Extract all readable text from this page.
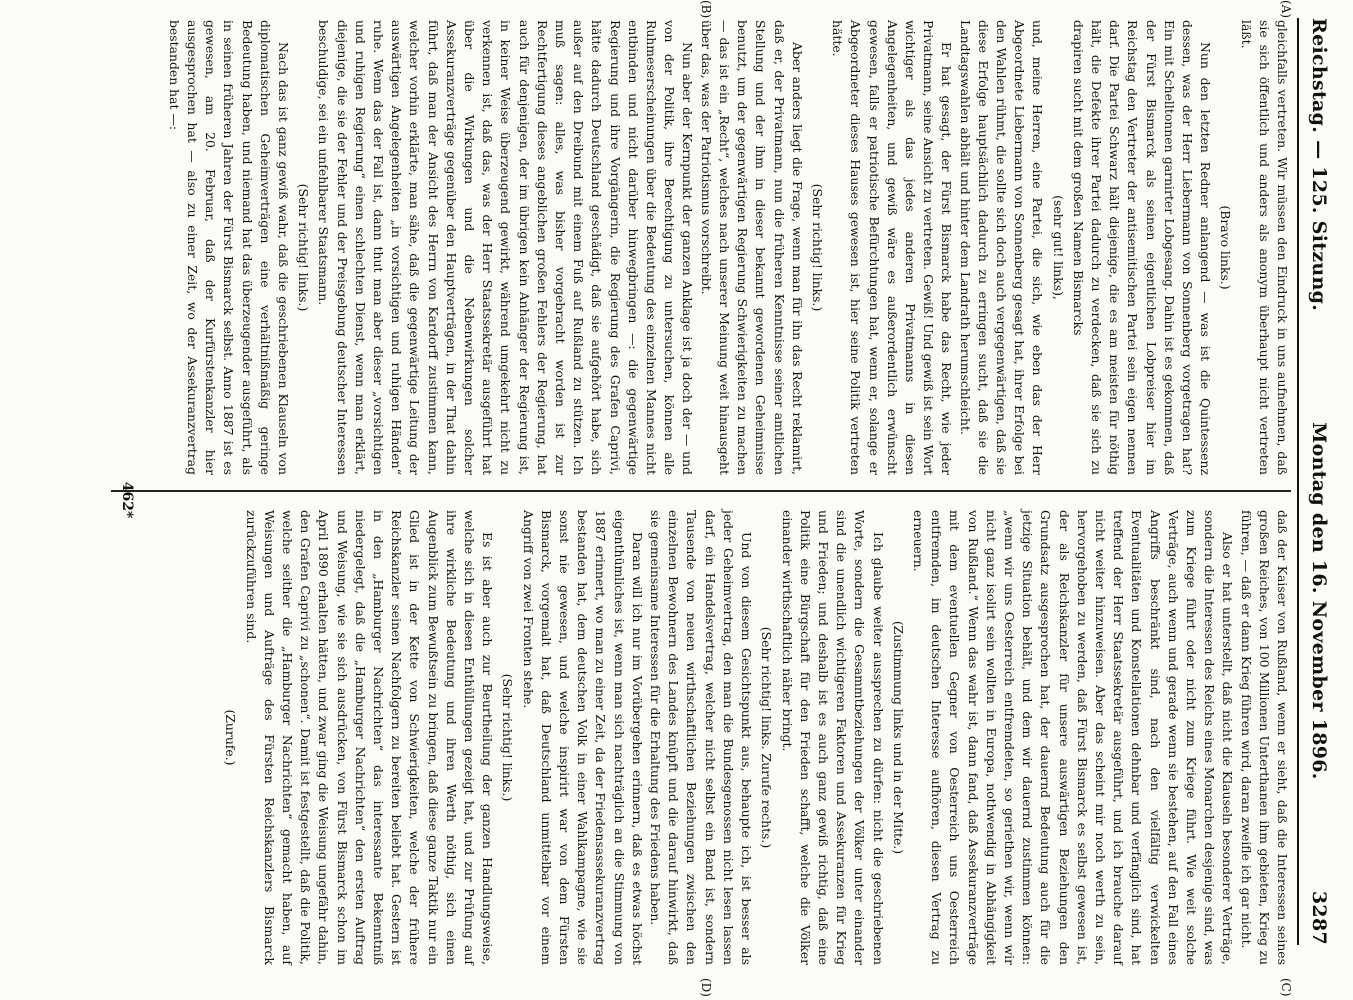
Reichstag. — 125. Sitzung.
Montag den 16. November 1896.
3287
(A)
(B)
(C)
(D)

gleichfalls vertreten. Wir müssen den Eindruck in uns aufnehmen, daß sie sich öffentlich und anders als anonym überhaupt nicht vertreten läßt.

(Bravo links.)

Nun den letzten Redner anlangend — was ist die Quintessenz dessen, was der Herr Liebermann von Sonnenberg vorgetragen hat? Ein mit Schelltonnen garnirter Lobgesang. Dahin ist es gekommen, daß der Fürst Bismarck als seinen eigentlichen Lobpreiser hier im Reichstag den Vertreter der antisemitischen Partei sein eigen nennen darf. Die Partei Schwarz hält diejenige, die es am meisten für nöthig hält, die Defekte ihrer Partei dadurch zu verdecken, daß sie sich zu drapiren sucht mit dem großen Namen Bismarcks

(sehr gut! links),

und, meine Herren, eine Partei, die sich, wie eben das der Herr Abgeordnete Liebermann von Sonnenberg gesagt hat, ihrer Erfolge bei den Wahlen rühmt, die sollte sich doch auch vergegenwärtigen, daß sie diese Erfolge hauptsächlich dadurch zu erringen sucht, daß sie die Landtagswahlen abhält und hinter dem Landrath herumschleicht.

Er hat gesagt, der Fürst Bismarck habe das Recht, wie jeder Privatmann, seine Ansicht zu vertreten. Gewiß! Und gewiß ist sein Wort wichtiger als das jedes anderen Privatmanns in diesen Angelegenheiten, und gewiß wäre es außerordentlich erwünscht gewesen, falls er patriotische Befürchtungen hat, wenn er, solange er Abgeordneter dieses Hauses gewesen ist, hier seine Politik vertreten hätte.

(Sehr richtig! links.)

Aber anders liegt die Frage, wenn man für ihn das Recht reklamirt, daß er, der Privatmann, nun die früheren Kenntnisse seiner amtlichen Stellung und der ihm in dieser bekannt gewordenen Geheimnisse benutzt, um der gegenwärtigen Regierung Schwierigkeiten zu machen — das ist ein „Recht“, welches nach unserer Meinung weit hinausgeht über das, was der Patriotismus vorschreibt.

Nun aber der Kernpunkt der ganzen Anklage ist ja doch der — und von der Politik, ihre Berechtigung zu untersuchen, können alle Ruhmeserscheinungen über die Bedeutung des einzelnen Mannes nicht entbinden und nicht darüber hinwegbringen —: die gegenwärtige Regierung und ihre Vorgängerin, die Regierung des Grafen Caprivi, hätte dadurch Deutschland geschädigt, daß sie aufgehört habe, sich außer auf den Dreibund mit einem Fuß auf Rußland zu stützen. Ich muß sagen: alles, was bisher vorgebracht worden ist zur Rechtfertigung dieses angeblichen großen Fehlers der Regierung, hat auch für denjenigen, der im übrigen kein Anhänger der Regierung ist, in keiner Weise überzeugend gewirkt, während umgekehrt nicht zu verkennen ist, daß das, was der Herr Staatssekretär ausgeführt hat über die Wirkungen und die Nebenwirkungen solcher Assekuranzverträge gegenüber den Hauptverträgen, in der That dahin führt, daß man der Ansicht des Herrn von Kardorff zustimmen kann, welcher vorhin erklärte, man sähe, daß die gegenwärtige Leitung der auswärtigen Angelegenheiten „in vorsichtigen und ruhigen Händen“ ruhe. Wenn das der Fall ist, dann thut man aber dieser „vorsichtigen und ruhigen Regierung“ einen schlechten Dienst, wenn man erklärt, diejenige, die sie der Fehler und der Preisgebung deutscher Interessen beschuldige, sei ein unfehlbarer Staatsmann.

(Sehr richtig! links.)

Nach das ist ganz gewiß wahr, daß die geschriebenen Klauseln von diplomatischen Geheimverträgen eine verhältnißmäßig geringe Bedeutung haben, und niemand hat das überzeugender ausgeführt, als in seinen früheren Jahren der Fürst Bismarck selbst. Anno 1887 ist es gewesen, am 20. Februar, daß der Kurfürstenkanzler hier ausgesprochen hat — also zu einer Zeit, wo der Assekuranzvertrag bestanden hat —:

daß der Kaiser von Rußland, wenn er sieht, daß die Interessen seines großen Reiches, von 100 Millionen Unterthanen ihm gebieten, Krieg zu führen, — daß er dann Krieg führen wird, daran zweifle ich gar nicht.

Also er hat unterstellt, daß nicht die Klauseln besonderer Verträge, sondern die Interessen des Reichs eines Monarchen desjenige sind, was zum Kriege führt oder nicht zum Kriege führt. Wie weit solche Verträge, auch wenn und gerade wenn sie bestehen, auf den Fall eines Angriffs beschränkt sind, nach den vielfältig verwickelten Eventualitäten und Konstellationen dehnbar und verfänglich sind, hat treffend der Herr Staatssekretär ausgeführt, und ich brauche darauf nicht weiter hinzuweisen. Aber das scheint mir noch werth zu sein, hervorgehoben zu werden, daß Fürst Bismarck es selbst gewesen ist, der als Reichskanzler für unsere auswärtigen Beziehungen den Grundsatz ausgesprochen hat, der dauernd Bedeutung auch für die jetzige Situation behält, und dem wir dauernd zustimmen können: „wenn wir uns Oesterreich entfremdeten, so geriethen wir, wenn wir nicht ganz isolirt sein wollten in Europa, nothwendig in Abhängigkeit von Rußland.“ Wenn das wahr ist, dann fand, daß Assekuranzverträge mit dem eventuellen Gegner von Oesterreich uns Oesterreich entfremden, im deutschen Interesse aufhören, diesen Vertrag zu erneuern.

(Zustimmung links und in der Mitte.)

Ich glaube weiter aussprechen zu dürfen: nicht die geschriebenen Worte, sondern die Gesammtbeziehungen der Völker unter einander sind die unendlich wichtigeren Faktoren und Assekuranzen für Krieg und Frieden; und deshalb ist es auch ganz gewiß richtig, daß eine Politik eine Bürgschaft für den Frieden schafft, welche die Völker einander wirthschaftlich näher bringt.

(Sehr richtig! links. Zurufe rechts.)

Und von diesem Gesichtspunkt aus, behaupte ich, ist besser als jeder Geheimvertrag, den man die Bundesgenossen nicht lesen lassen darf, ein Handelsvertrag, welcher nicht selbst ein Band ist, sondern Tausende von neuen wirthschaftlichen Beziehungen zwischen den einzelnen Bewohnern des Landes knüpft und die darauf hinwirkt, daß sie gemeinsame Interessen für die Erhaltung des Friedens haben.

Daran will ich nur im Vorübergehen erinnern, daß es etwas höchst eigenthümliches ist, wenn man sich nachträglich an die Stimmung von 1887 erinnert, wo man zu einer Zeit, da der Friedensassekuranzvertrag bestanden hat, dem deutschen Volk in einer Wahlkampagne, wie sie sonst nie gewesen, und welche inspirirt war von dem Fürsten Bismarck, vorgemalt hat, daß Deutschland unmittelbar vor einem Angriff von zwei Fronten stehe.

(Sehr richtig! links.)

Es ist aber auch zur Beurtheilung der ganzen Handlungsweise, welche sich in diesen Enthüllungen gezeigt hat, und zur Prüfung auf ihre wirkliche Bedeutung und ihren Werth nöthig, sich einen Augenblick zum Bewußtsein zu bringen, daß diese ganze Taktik nur ein Glied ist in der Kette von Schwierigkeiten, welche der frühere Reichskanzler seinen Nachfolgern zu bereiten beliebt hat. Gestern ist in den „Hamburger Nachrichten“ das interessante Bekenntniß niedergelegt, daß die „Hamburger Nachrichten“ den ersten Auftrag und Weisung, wie sie sich ausdrücken, von Fürst Bismarck schon im April 1890 erhalten hätten, und zwar ging die Weisung ungefähr dahin, den Grafen Caprivi zu „schonen“. Damit ist festgestellt, daß die Politik, welche seither die „Hamburger Nachrichten“ gemacht haben, auf Weisungen und Aufträge des Fürsten Reichskanzlers Bismarck zurückzuführen sind.

(Zurufe.)

462*
